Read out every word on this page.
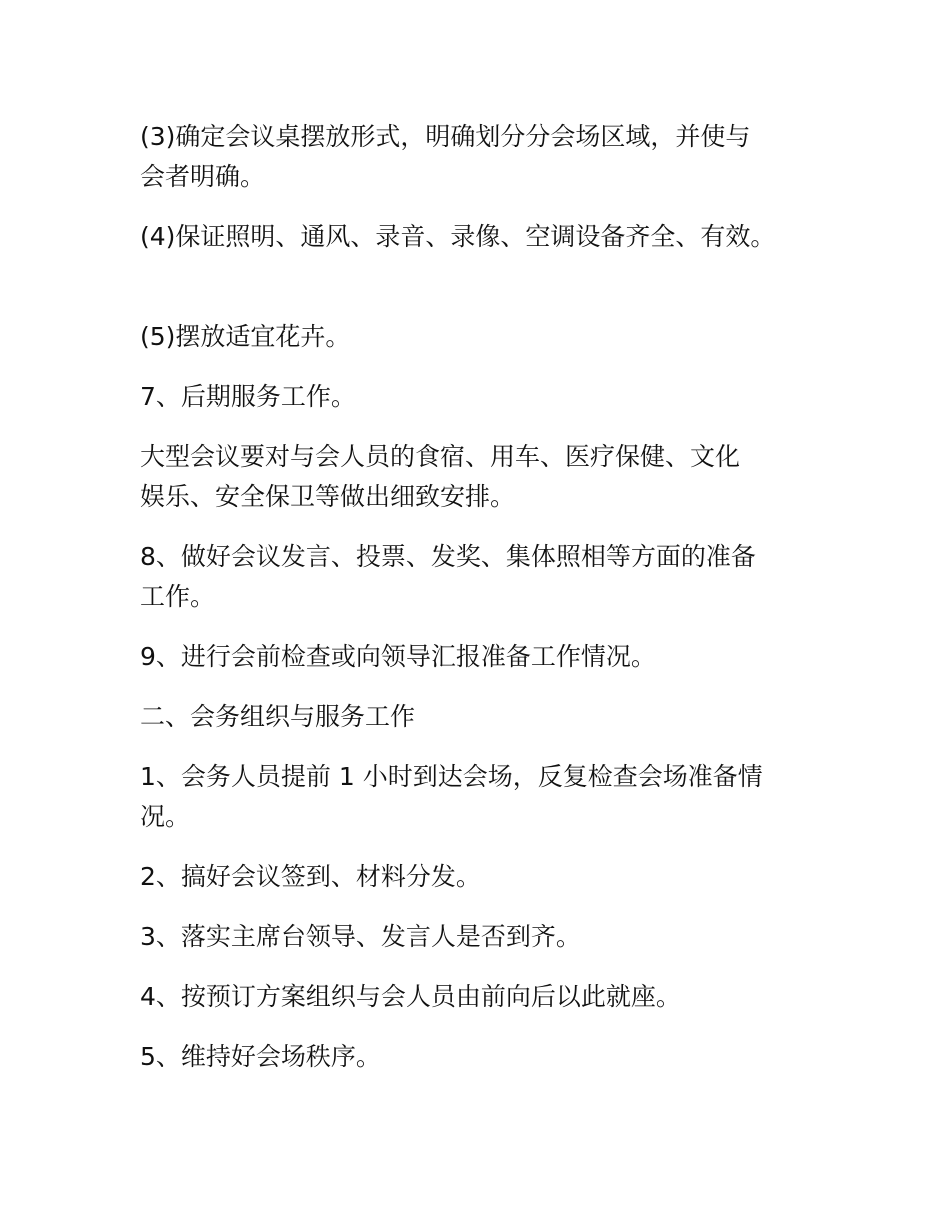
(3)确定会议桌摆放形式，明确划分分会场区域，并使与
会者明确。
(4)保证照明、通风、录音、录像、空调设备齐全、有效。
(5)摆放适宜花卉。
7、后期服务工作。
大型会议要对与会人员的食宿、用车、医疗保健、文化
娱乐、安全保卫等做出细致安排。
8、做好会议发言、投票、发奖、集体照相等方面的准备
工作。
9、进行会前检查或向领导汇报准备工作情况。
二、会务组织与服务工作
1、会务人员提前 1 小时到达会场，反复检查会场准备情
况。
2、搞好会议签到、材料分发。
3、落实主席台领导、发言人是否到齐。
4、按预订方案组织与会人员由前向后以此就座。
5、维持好会场秩序。
